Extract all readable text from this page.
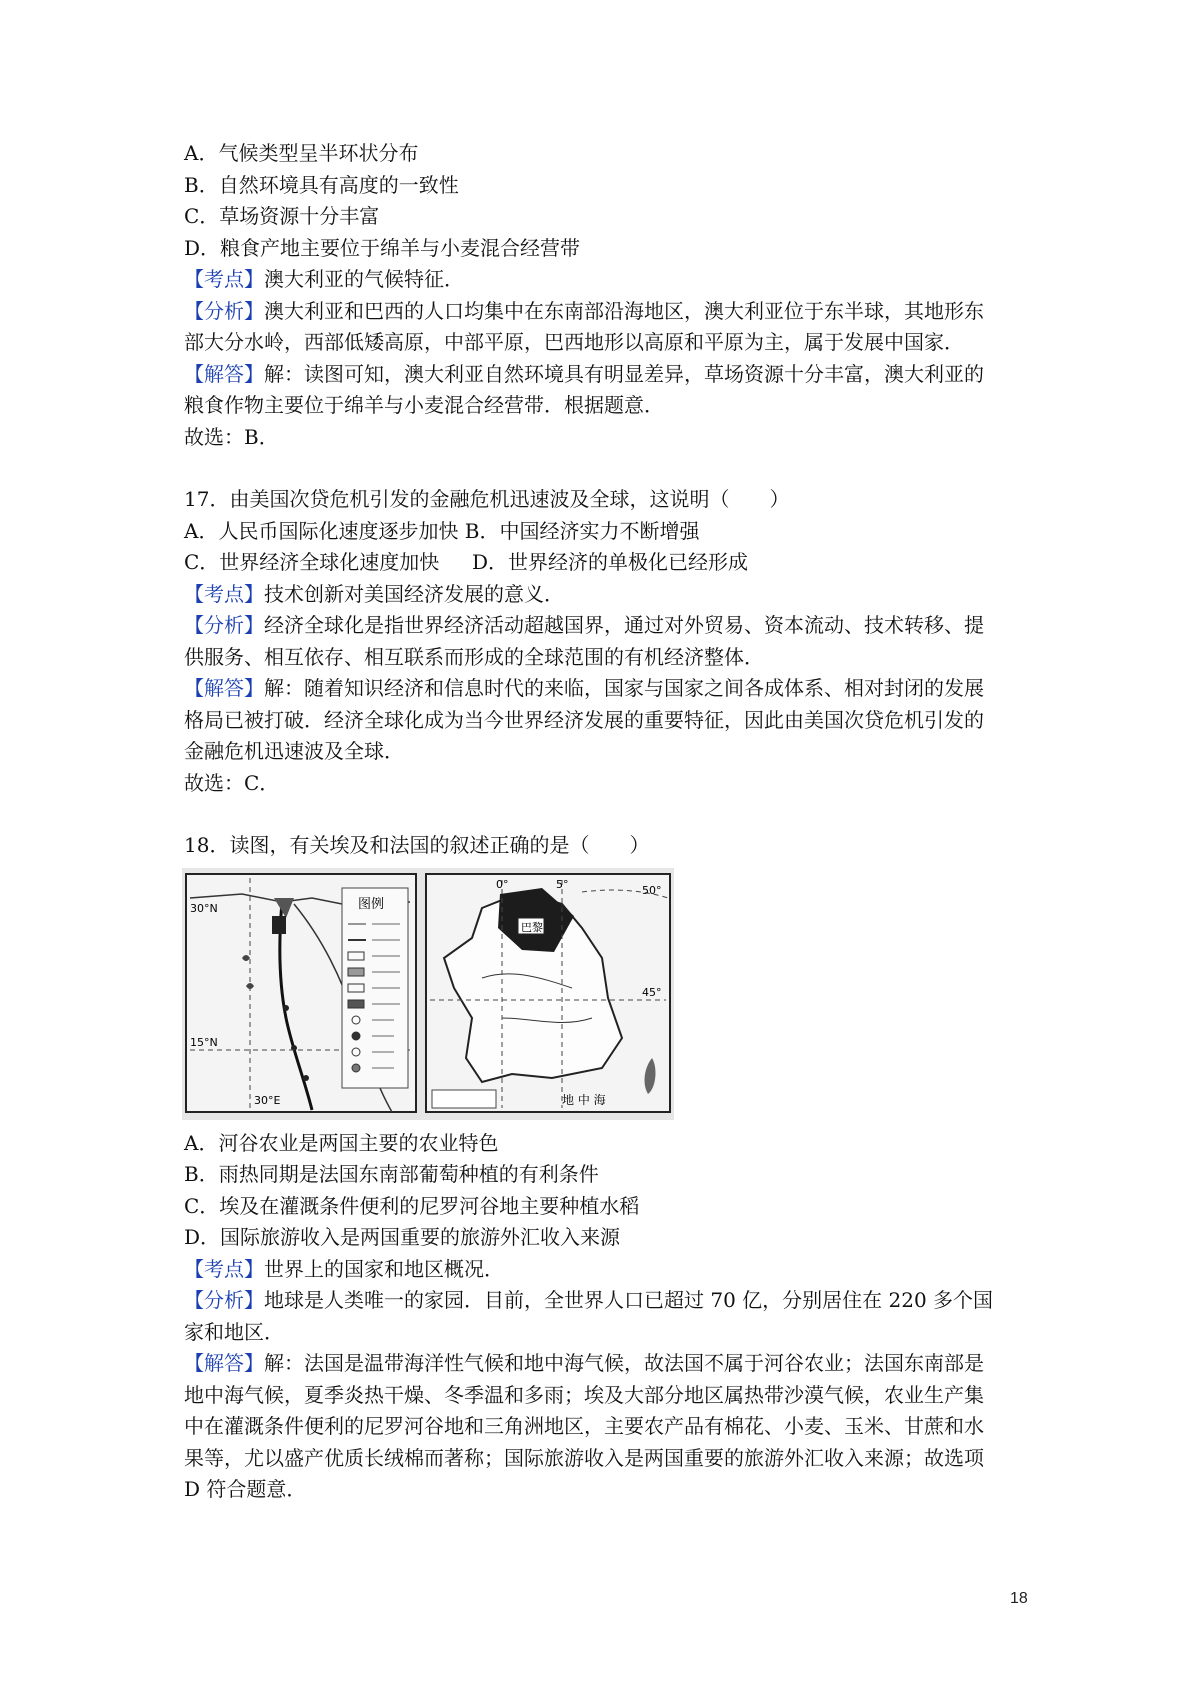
A．气候类型呈半环状分布

B．自然环境具有高度的一致性

C．草场资源十分丰富

D．粮食产地主要位于绵羊与小麦混合经营带

【考点】澳大利亚的气候特征．

【分析】澳大利亚和巴西的人口均集中在东南部沿海地区，澳大利亚位于东半球，其地形东

部大分水岭，西部低矮高原，中部平原，巴西地形以高原和平原为主，属于发展中国家．

【解答】解：读图可知，澳大利亚自然环境具有明显差异，草场资源十分丰富，澳大利亚的

粮食作物主要位于绵羊与小麦混合经营带．根据题意．

故选：B．

17．由美国次贷危机引发的金融危机迅速波及全球，这说明（　　）

A．人民币国际化速度逐步加快 B．中国经济实力不断增强

C．世界经济全球化速度加快　  D．世界经济的单极化已经形成

【考点】技术创新对美国经济发展的意义．

【分析】经济全球化是指世界经济活动超越国界，通过对外贸易、资本流动、技术转移、提

供服务、相互依存、相互联系而形成的全球范围的有机经济整体．

【解答】解：随着知识经济和信息时代的来临，国家与国家之间各成体系、相对封闭的发展

格局已被打破．经济全球化成为当今世界经济发展的重要特征，因此由美国次贷危机引发的

金融危机迅速波及全球．

故选：C．

18．读图，有关埃及和法国的叙述正确的是（　　）

30°N
15°N
30°E
图例
巴黎
0°	5°	50°
45°
地 中 海

A．河谷农业是两国主要的农业特色

B．雨热同期是法国东南部葡萄种植的有利条件

C．埃及在灌溉条件便利的尼罗河谷地主要种植水稻

D．国际旅游收入是两国重要的旅游外汇收入来源

【考点】世界上的国家和地区概况．

【分析】地球是人类唯一的家园．目前，全世界人口已超过 70 亿，分别居住在 220 多个国

家和地区．

【解答】解：法国是温带海洋性气候和地中海气候，故法国不属于河谷农业；法国东南部是

地中海气候，夏季炎热干燥、冬季温和多雨；埃及大部分地区属热带沙漠气候，农业生产集

中在灌溉条件便利的尼罗河谷地和三角洲地区，主要农产品有棉花、小麦、玉米、甘蔗和水

果等，尤以盛产优质长绒棉而著称；国际旅游收入是两国重要的旅游外汇收入来源；故选项

D 符合题意．

18
